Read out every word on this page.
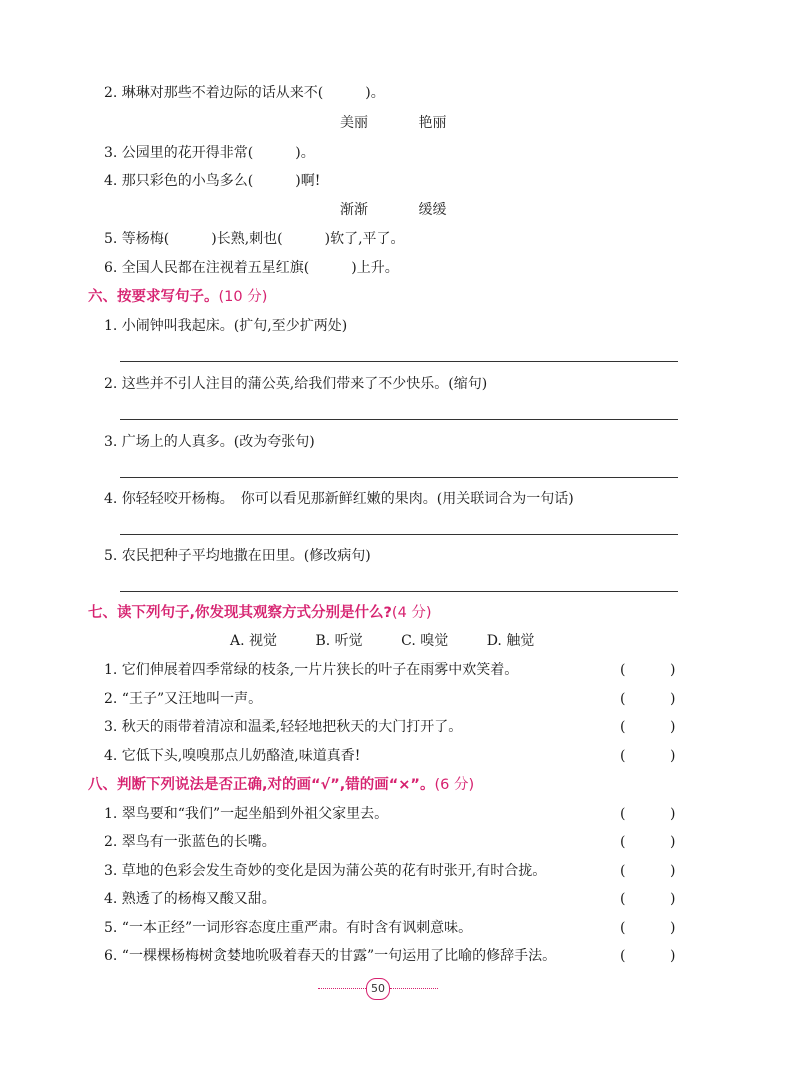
2. 琳琳对那些不着边际的话从来不(　　　)。
美丽	艳丽
3. 公园里的花开得非常(　　　)。
4. 那只彩色的小鸟多么(　　　)啊!
渐渐	缓缓
5. 等杨梅(　　　)长熟,刺也(　　　)软了,平了。
6. 全国人民都在注视着五星红旗(　　　)上升。
六、按要求写句子。(10 分)
1. 小闹钟叫我起床。(扩句,至少扩两处)
2. 这些并不引人注目的蒲公英,给我们带来了不少快乐。(缩句)
3. 广场上的人真多。(改为夸张句)
4. 你轻轻咬开杨梅。　你可以看见那新鲜红嫩的果肉。(用关联词合为一句话)
5. 农民把种子平均地撒在田里。(修改病句)
七、读下列句子,你发现其观察方式分别是什么?(4 分)
A. 视觉	B. 听觉	C. 嗅觉	D. 触觉
1. 它们伸展着四季常绿的枝条,一片片狭长的叶子在雨雾中欢笑着。	(	)
2. “王子”又汪地叫一声。	(	)
3. 秋天的雨带着清凉和温柔,轻轻地把秋天的大门打开了。	(	)
4. 它低下头,嗅嗅那点儿奶酪渣,味道真香!	(	)
八、判断下列说法是否正确,对的画“√”,错的画“×”。(6 分)
1. 翠鸟要和“我们”一起坐船到外祖父家里去。	(	)
2. 翠鸟有一张蓝色的长嘴。	(	)
3. 草地的色彩会发生奇妙的变化是因为蒲公英的花有时张开,有时合拢。	(	)
4. 熟透了的杨梅又酸又甜。	(	)
5. “一本正经”一词形容态度庄重严肃。有时含有讽刺意味。	(	)
6. “一棵棵杨梅树贪婪地吮吸着春天的甘露”一句运用了比喻的修辞手法。	(	)
50
